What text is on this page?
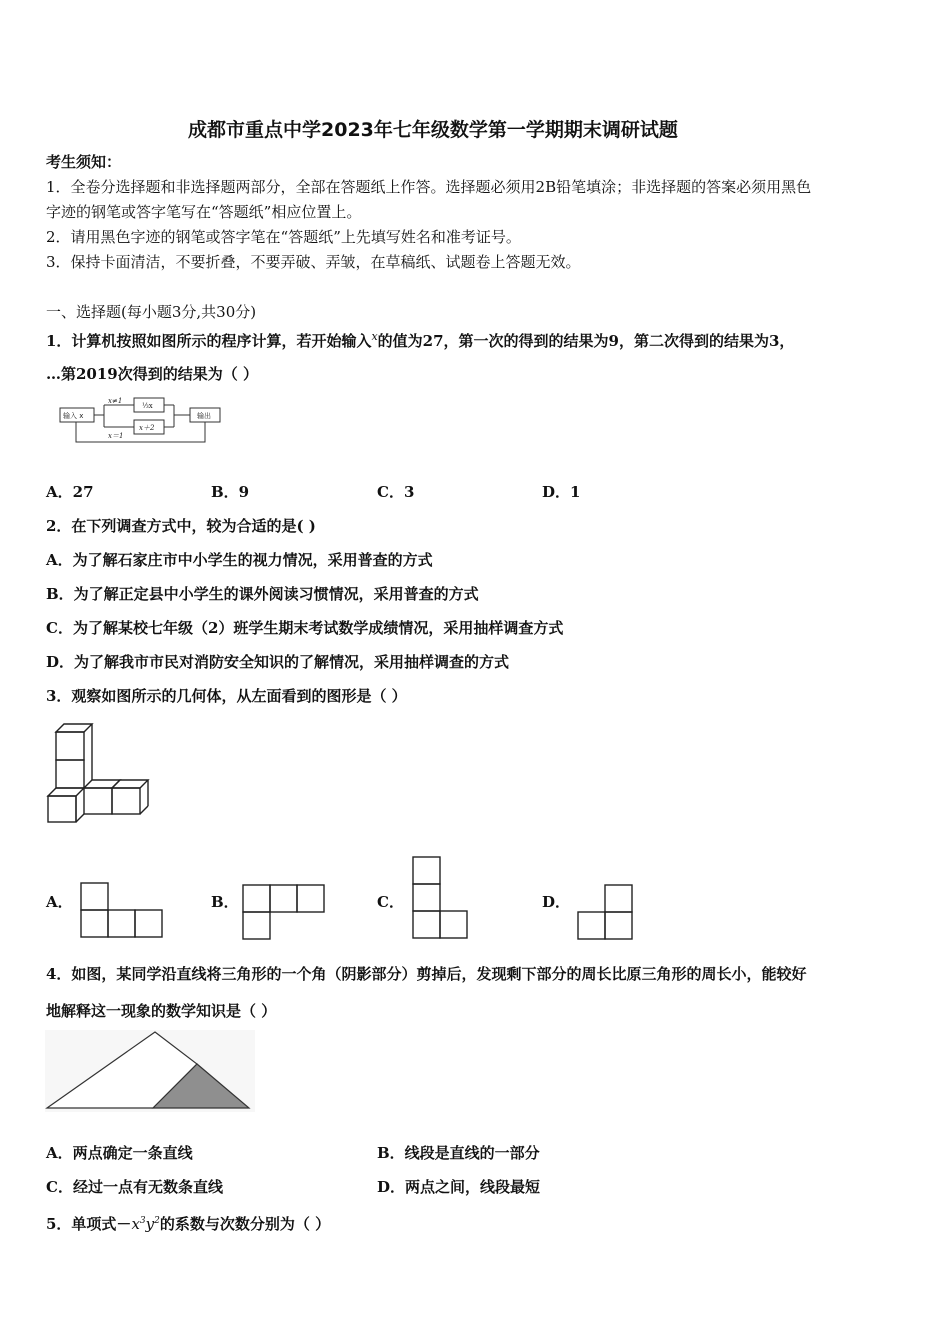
成都市重点中学2023年七年级数学第一学期期末调研试题
考生须知：
1．全卷分选择题和非选择题两部分，全部在答题纸上作答。选择题必须用2B铅笔填涂；非选择题的答案必须用黑色
字迹的钢笔或答字笔写在“答题纸”相应位置上。
2．请用黑色字迹的钢笔或答字笔在“答题纸”上先填写姓名和准考证号。
3．保持卡面清洁，不要折叠，不要弄破、弄皱，在草稿纸、试题卷上答题无效。
一、选择题(每小题3分,共30分)
1．计算机按照如图所示的程序计算，若开始输入$^x$的值为27，第一次的得到的结果为9，第二次得到的结果为3，
…第2019次得到的结果为（ ）
输入 x	输出
x≠1
x＝1
⅓x
x＋2
A．27	B．9	C．3	D．1
2．在下列调查方式中，较为合适的是( )
A．为了解石家庄市中小学生的视力情况，采用普查的方式
B．为了解正定县中小学生的课外阅读习惯情况，采用普查的方式
C．为了解某校七年级（2）班学生期末考试数学成绩情况，采用抽样调查方式
D．为了解我市市民对消防安全知识的了解情况，采用抽样调查的方式
3．观察如图所示的几何体，从左面看到的图形是（ ）
A．	B．	C．	D．
4．如图，某同学沿直线将三角形的一个角（阴影部分）剪掉后，发现剩下部分的周长比原三角形的周长小，能较好
地解释这一现象的数学知识是（ ）
A．两点确定一条直线	B．线段是直线的一部分
C．经过一点有无数条直线	D．两点之间，线段最短
5．单项式$-x^3y^2$的系数与次数分别为（ ）
